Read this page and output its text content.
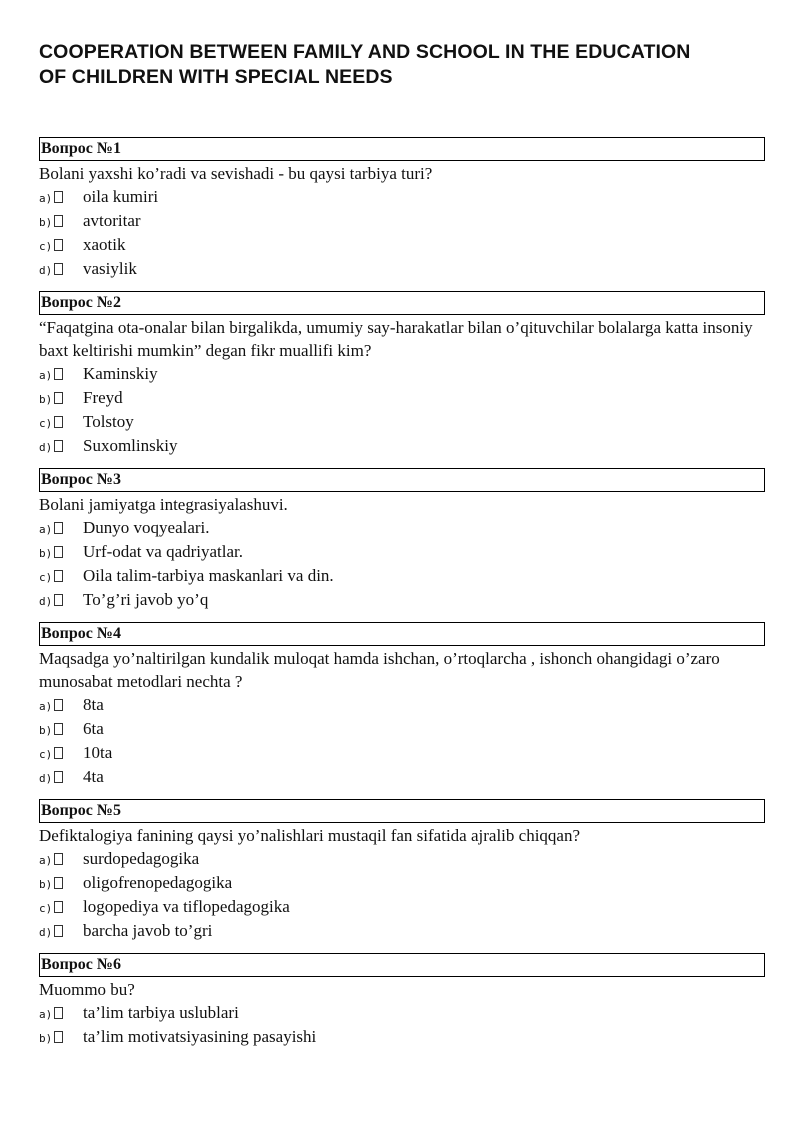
COOPERATION BETWEEN FAMILY AND SCHOOL IN THE EDUCATION
OF CHILDREN WITH SPECIAL NEEDS
Вопрос №1
Bolani yaxshi ko’radi va sevishadi - bu qaysi tarbiya turi?
a)	oila kumiri
b)	avtoritar
c)	xaotik
d)	vasiylik
Вопрос №2
“Faqatgina ota-onalar bilan birgalikda, umumiy say-harakatlar bilan o’qituvchilar bolalarga katta insoniy baxt keltirishi mumkin” degan fikr muallifi kim?
a)	Kaminskiy
b)	Freyd
c)	Tolstoy
d)	Suxomlinskiy
Вопрос №3
Bolani jamiyatga integrasiyalashuvi.
a)	Dunyo voqyealari.
b)	Urf-odat va qadriyatlar.
c)	Oila talim-tarbiya maskanlari va din.
d)	To’g’ri javob yo’q
Вопрос №4
Maqsadga yo’naltirilgan kundalik muloqat hamda ishchan, o’rtoqlarcha , ishonch ohangidagi o’zaro munosabat metodlari nechta ?
a)	8ta
b)	6ta
c)	10ta
d)	4ta
Вопрос №5
Defiktalogiya fanining qaysi yo’nalishlari mustaqil fan sifatida ajralib chiqqan?
a)	surdopedagogika
b)	oligofrenopedagogika
c)	logopediya va tiflopedagogika
d)	barcha javob to’gri
Вопрос №6
Muommo bu?
a)	ta’lim tarbiya uslublari
b)	ta’lim motivatsiyasining pasayishi
